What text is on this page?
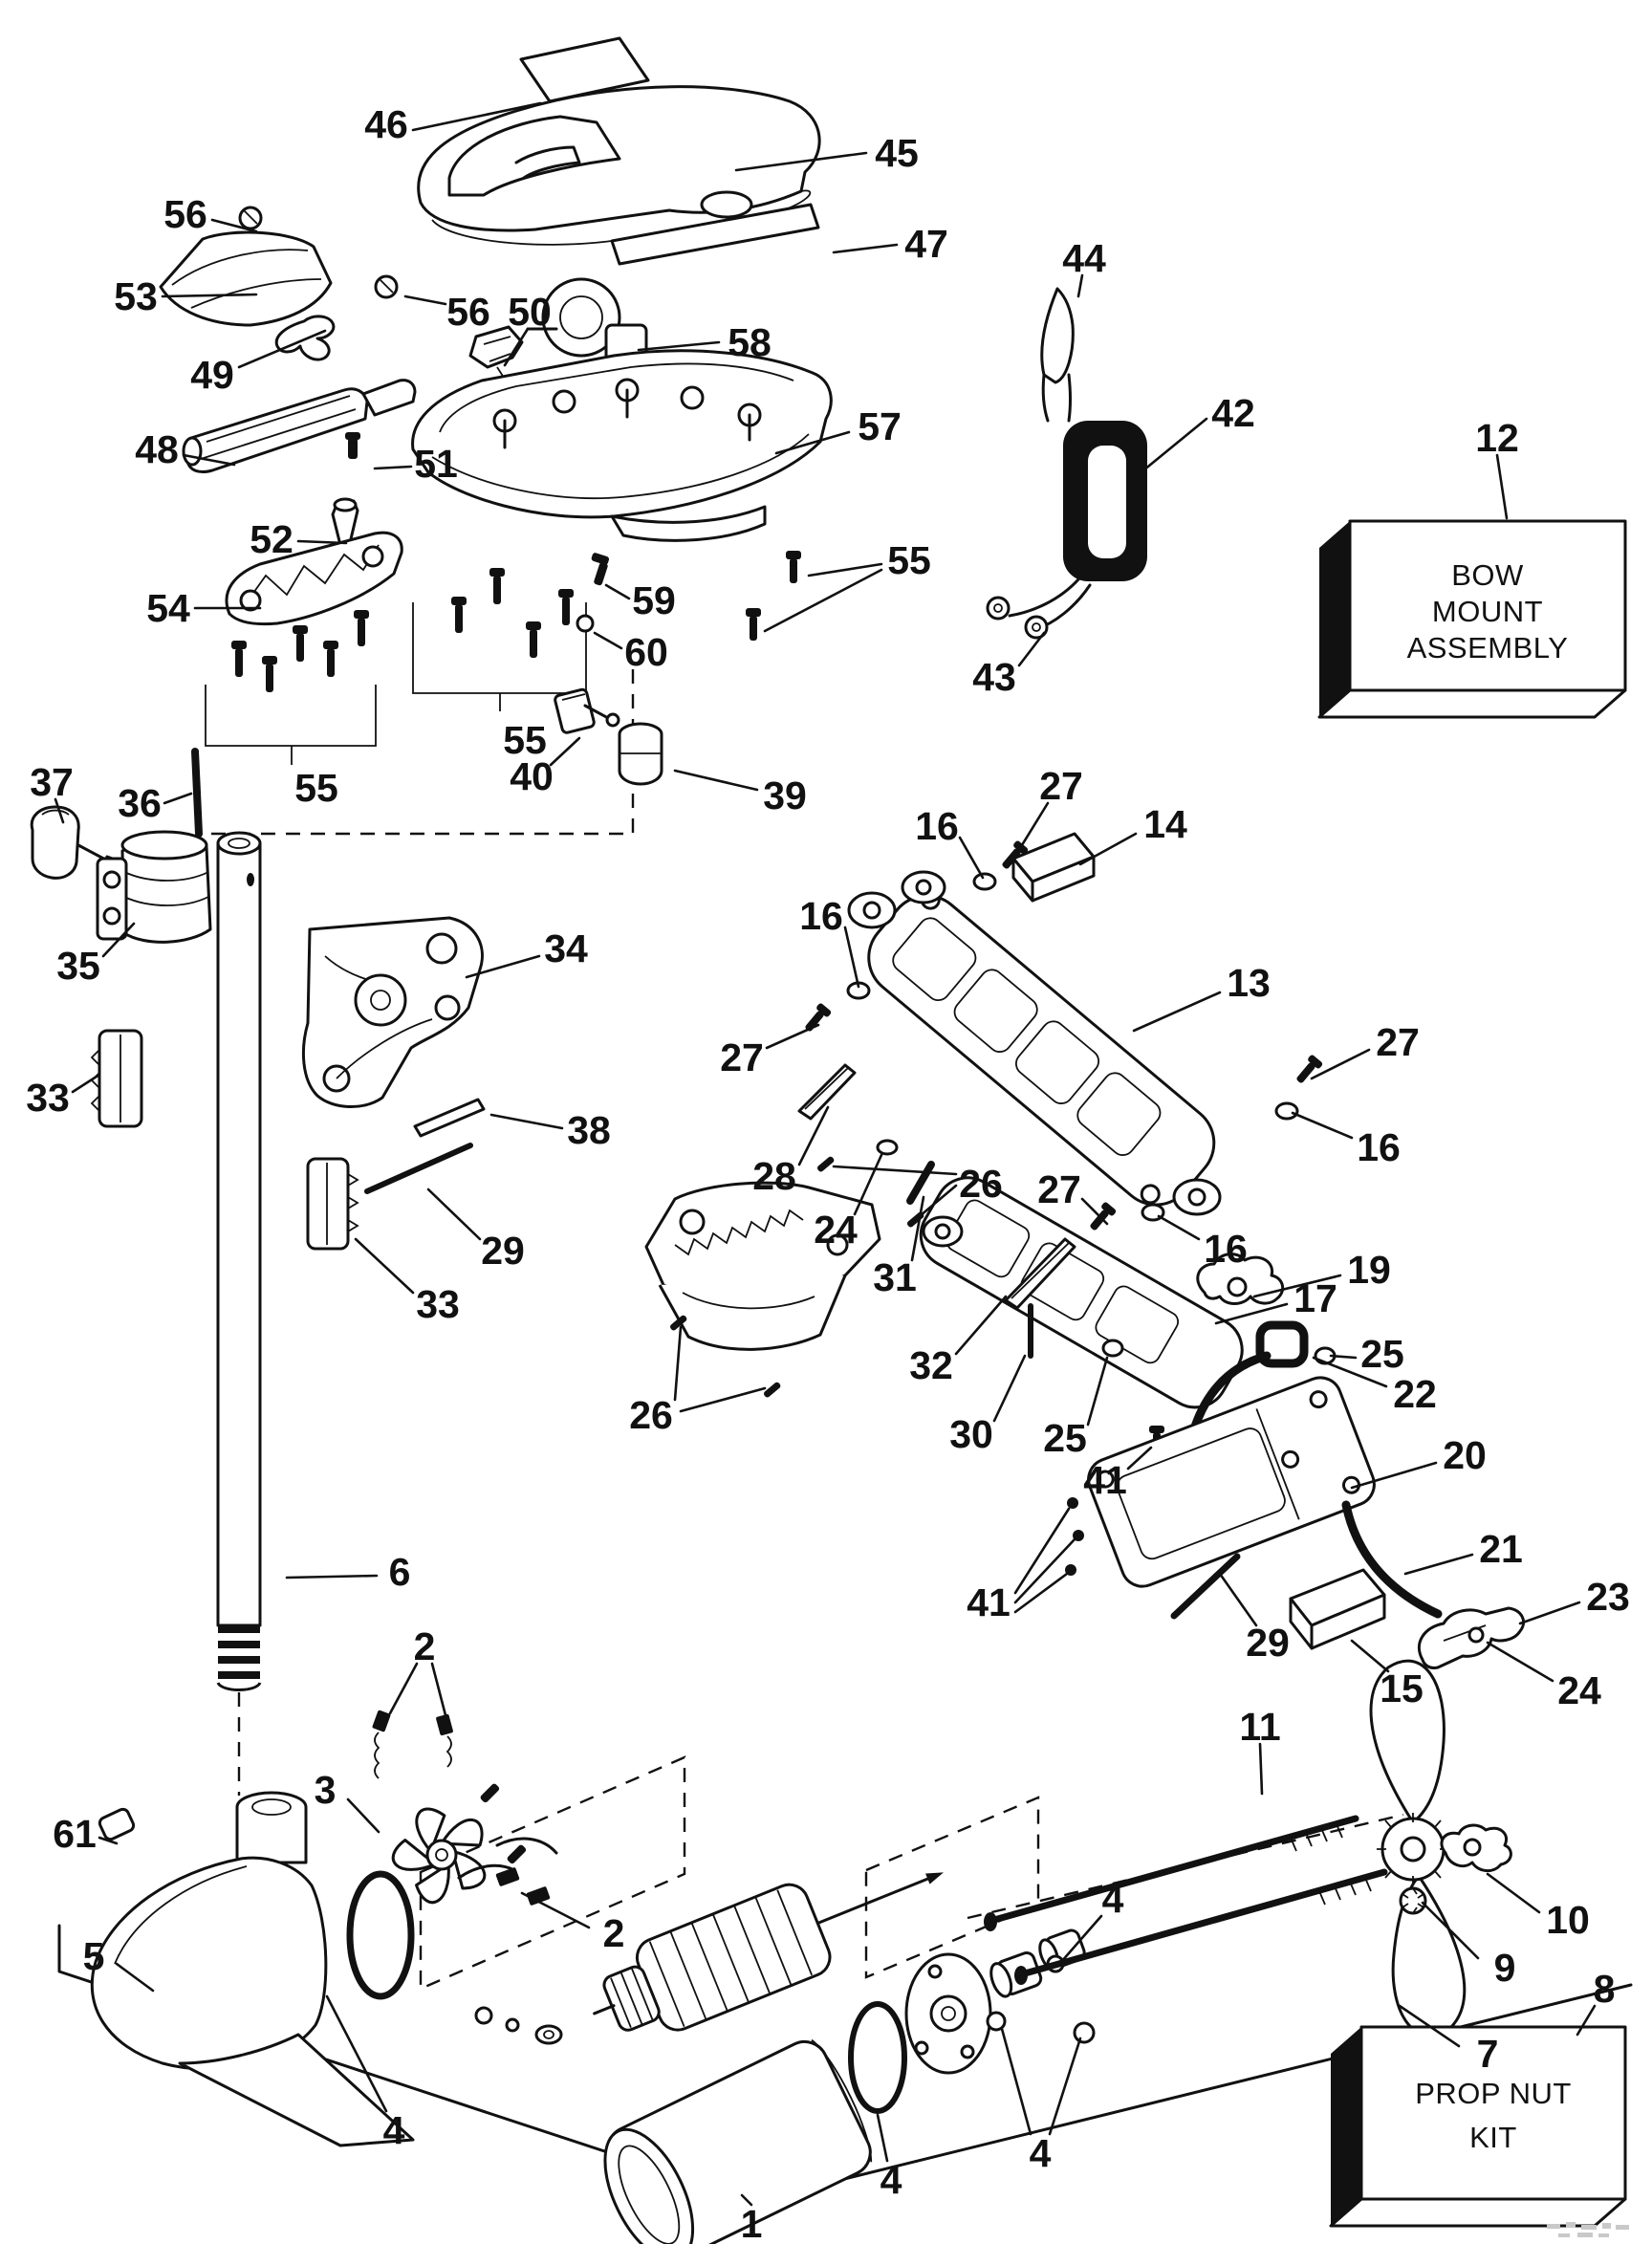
BOW
MOUNT
ASSEMBLY
PROP NUT
KIT
46
45
47
56
53
49
56 50
58
48	51
57
52
54	59
60
55
40	39
55
55
44
42
43
12
16
27
14
16
27
13
27
16
28
24
31
27
16
17
25
26
26
32
30 25
41
19
22
20
41
29
21
23
15	24
37 36
35
33
34
38
29
33
6
61
5
2
3
4
2
1
11
4
4
4
7
9
10
8
